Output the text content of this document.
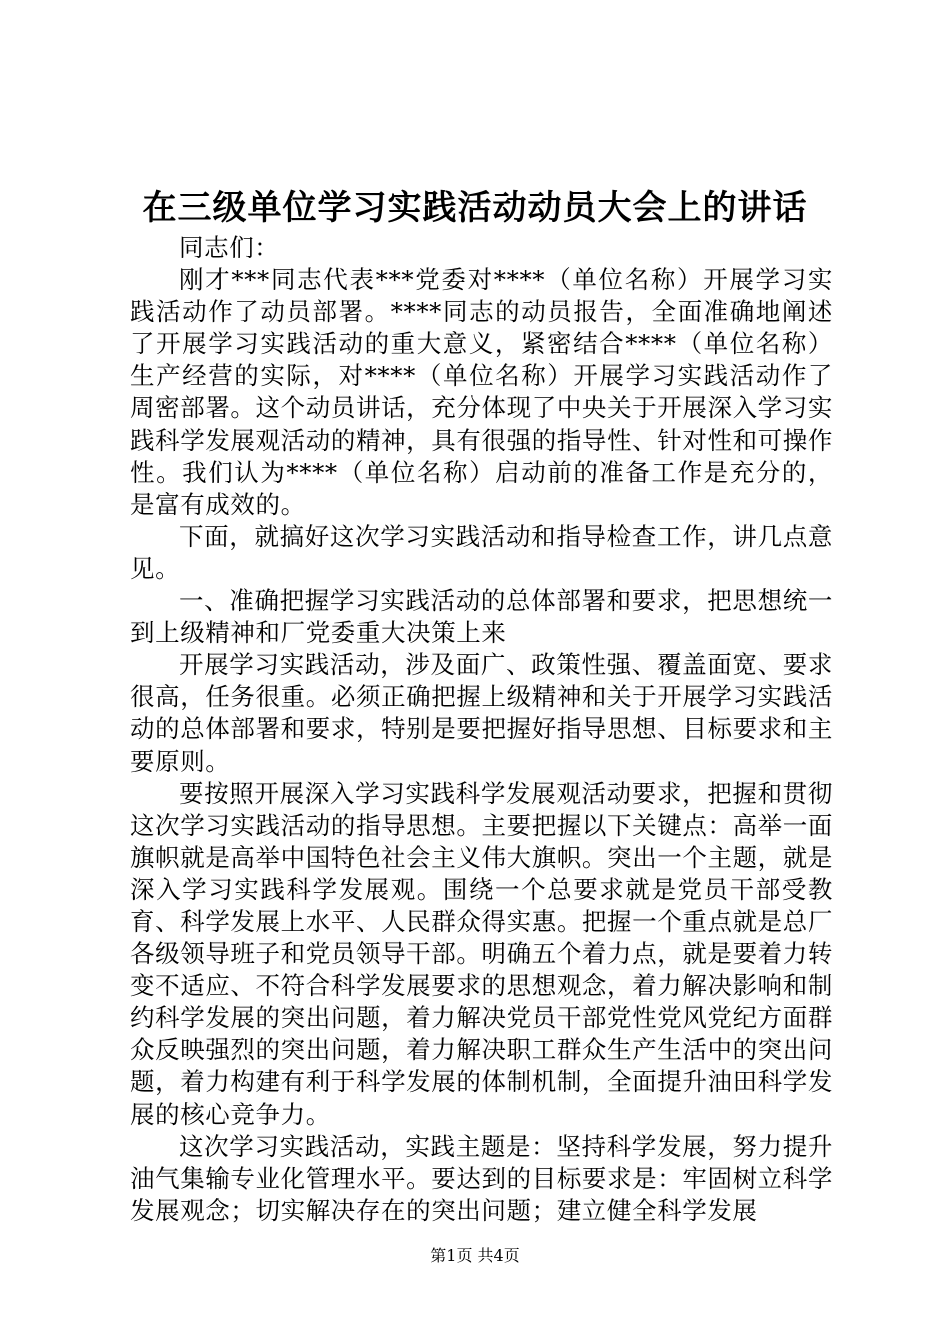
在三级单位学习实践活动动员大会上的讲话

同志们：

刚才***同志代表***党委对****（单位名称）开展学习实践活动作了动员部署。****同志的动员报告，全面准确地阐述了开展学习实践活动的重大意义，紧密结合****（单位名称）生产经营的实际，对****（单位名称）开展学习实践活动作了周密部署。这个动员讲话，充分体现了中央关于开展深入学习实践科学发展观活动的精神，具有很强的指导性、针对性和可操作性。我们认为****（单位名称）启动前的准备工作是充分的，是富有成效的。

下面，就搞好这次学习实践活动和指导检查工作，讲几点意见。

一、准确把握学习实践活动的总体部署和要求，把思想统一到上级精神和厂党委重大决策上来

开展学习实践活动，涉及面广、政策性强、覆盖面宽、要求很高，任务很重。必须正确把握上级精神和关于开展学习实践活动的总体部署和要求，特别是要把握好指导思想、目标要求和主要原则。

要按照开展深入学习实践科学发展观活动要求，把握和贯彻这次学习实践活动的指导思想。主要把握以下关键点：高举一面旗帜就是高举中国特色社会主义伟大旗帜。突出一个主题，就是深入学习实践科学发展观。围绕一个总要求就是党员干部受教育、科学发展上水平、人民群众得实惠。把握一个重点就是总厂各级领导班子和党员领导干部。明确五个着力点，就是要着力转变不适应、不符合科学发展要求的思想观念，着力解决影响和制约科学发展的突出问题，着力解决党员干部党性党风党纪方面群众反映强烈的突出问题，着力解决职工群众生产生活中的突出问题，着力构建有利于科学发展的体制机制，全面提升油田科学发展的核心竞争力。

这次学习实践活动，实践主题是：坚持科学发展，努力提升油气集输专业化管理水平。要达到的目标要求是：牢固树立科学发展观念；切实解决存在的突出问题；建立健全科学发展

第1页 共4页
